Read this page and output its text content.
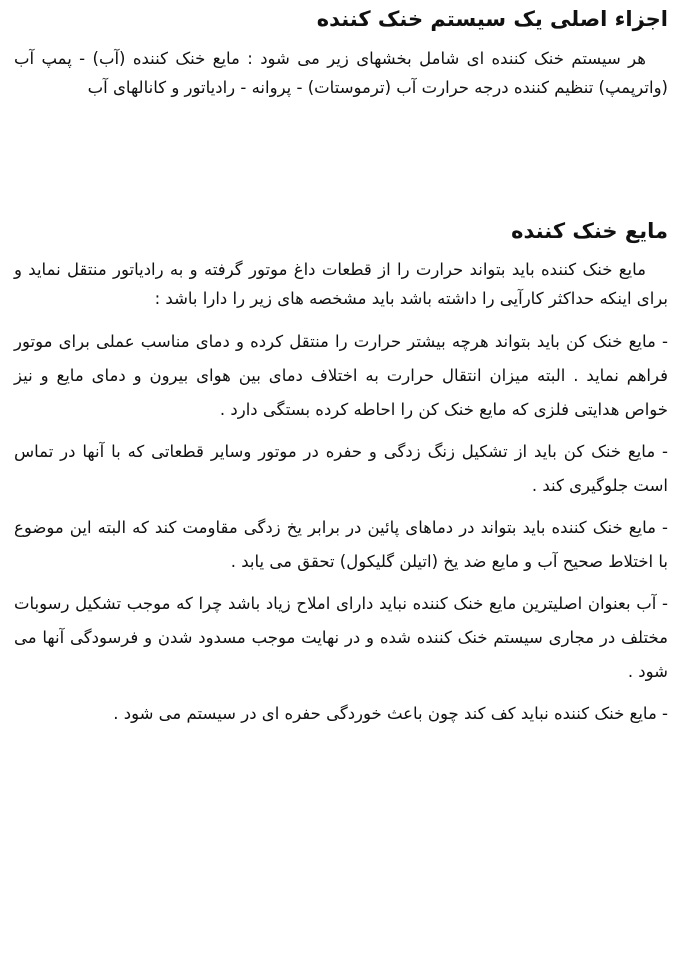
اجزاء اصلی یک سیستم خنک کننده

هر سیستم خنک کننده ای شامل بخشهای زیر می شود : مایع خنک کننده (آب) - پمپ آب (واترپمپ) تنظیم کننده درجه حرارت آب (ترموستات) - پروانه - رادیاتور و کانالهای آب

مایع خنک کننده

مایع خنک کننده باید بتواند حرارت را از قطعات داغ موتور گرفته و به رادیاتور منتقل نماید و برای اینکه حداکثر کارآیی را داشته باشد باید مشخصه های زیر را دارا باشد :

- مایع خنک کن باید بتواند هرچه بیشتر حرارت را منتقل کرده و دمای مناسب عملی برای موتور فراهم نماید . البته میزان انتقال حرارت به اختلاف دمای بین هوای بیرون و دمای مایع و نیز خواص هدایتی فلزی که مایع خنک کن را احاطه کرده بستگی دارد .

- مایع خنک کن باید از تشکیل زنگ زدگی و حفره در موتور وسایر قطعاتی که با آنها در تماس است جلوگیری کند .

- مایع خنک کننده باید بتواند در دماهای پائین در برابر یخ زدگی مقاومت کند که البته این موضوع با اختلاط صحیح آب و مایع ضد یخ (اتیلن گلیکول) تحقق می یابد .

- آب بعنوان اصلیترین مایع خنک کننده نباید دارای املاح زیاد باشد چرا که موجب تشکیل رسوبات مختلف در مجاری سیستم خنک کننده شده و در نهایت موجب مسدود شدن و فرسودگی آنها می شود .

- مایع خنک کننده نباید کف کند چون باعث خوردگی حفره ای در سیستم می شود .
